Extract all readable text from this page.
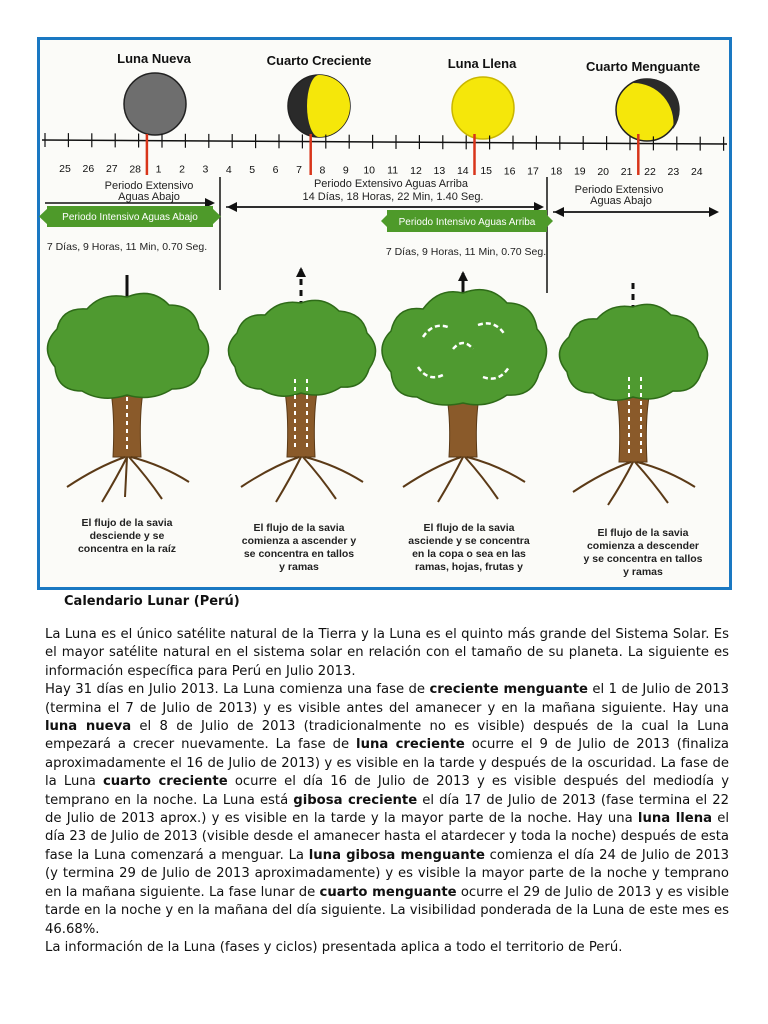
Luna Nueva	Cuarto Creciente	Luna Llena	Cuarto Menguante
25 26 27 28 1 2 3 4 5 6 7 8 9 10 11 12 13 14 15 16 17 18 19 20 21 22 23 24
Periodo Extensivo
Aguas Abajo
Periodo Extensivo Aguas Arriba
14 Días, 18 Horas, 22 Min, 1.40 Seg.
Periodo Extensivo
Aguas Abajo
Periodo Intensivo Aguas Abajo	Periodo Intensivo Aguas Arriba
7 Días, 9 Horas, 11 Min, 0.70 Seg.	7 Días, 9 Horas, 11 Min, 0.70 Seg.
El flujo de la savia
desciende y se
concentra en la raíz
El flujo de la savia
comienza a ascender y
se concentra en tallos
y ramas
El flujo de la savia
asciende y se concentra
en la copa o sea en las
ramas, hojas, frutas y
El flujo de la savia
comienza a descender
y se concentra en tallos
y ramas
Calendario Lunar (Perú)

La Luna es el único satélite natural de la Tierra y la Luna es el quinto más grande del Sistema Solar. Es el mayor satélite natural en el sistema solar en relación con el tamaño de su planeta. La siguiente es información específica para Perú en Julio 2013.

Hay 31 días en Julio 2013. La Luna comienza una fase de creciente menguante el 1 de Julio de 2013 (termina el 7 de Julio de 2013) y es visible antes del amanecer y en la mañana siguiente. Hay una luna nueva el 8 de Julio de 2013 (tradicionalmente no es visible) después de la cual la Luna empezará a crecer nuevamente. La fase de luna creciente ocurre el 9 de Julio de 2013 (finaliza aproximadamente el 16 de Julio de 2013) y es visible en la tarde y después de la oscuridad. La fase de la Luna cuarto creciente ocurre el día 16 de Julio de 2013 y es visible después del mediodía y temprano en la noche. La Luna está gibosa creciente el día 17 de Julio de 2013 (fase termina el 22 de Julio de 2013 aprox.) y es visible en la tarde y la mayor parte de la noche. Hay una luna llena el día 23 de Julio de 2013 (visible desde el amanecer hasta el atardecer y toda la noche) después de esta fase la Luna comenzará a menguar. La luna gibosa menguante comienza el día 24 de Julio de 2013 (y termina 29 de Julio de 2013 aproximadamente) y es visible la mayor parte de la noche y temprano en la mañana siguiente. La fase lunar de cuarto menguante ocurre el 29 de Julio de 2013 y es visible tarde en la noche y en la mañana del día siguiente. La visibilidad ponderada de la Luna de este mes es 46.68%.

La información de la Luna (fases y ciclos) presentada aplica a todo el territorio de Perú.
